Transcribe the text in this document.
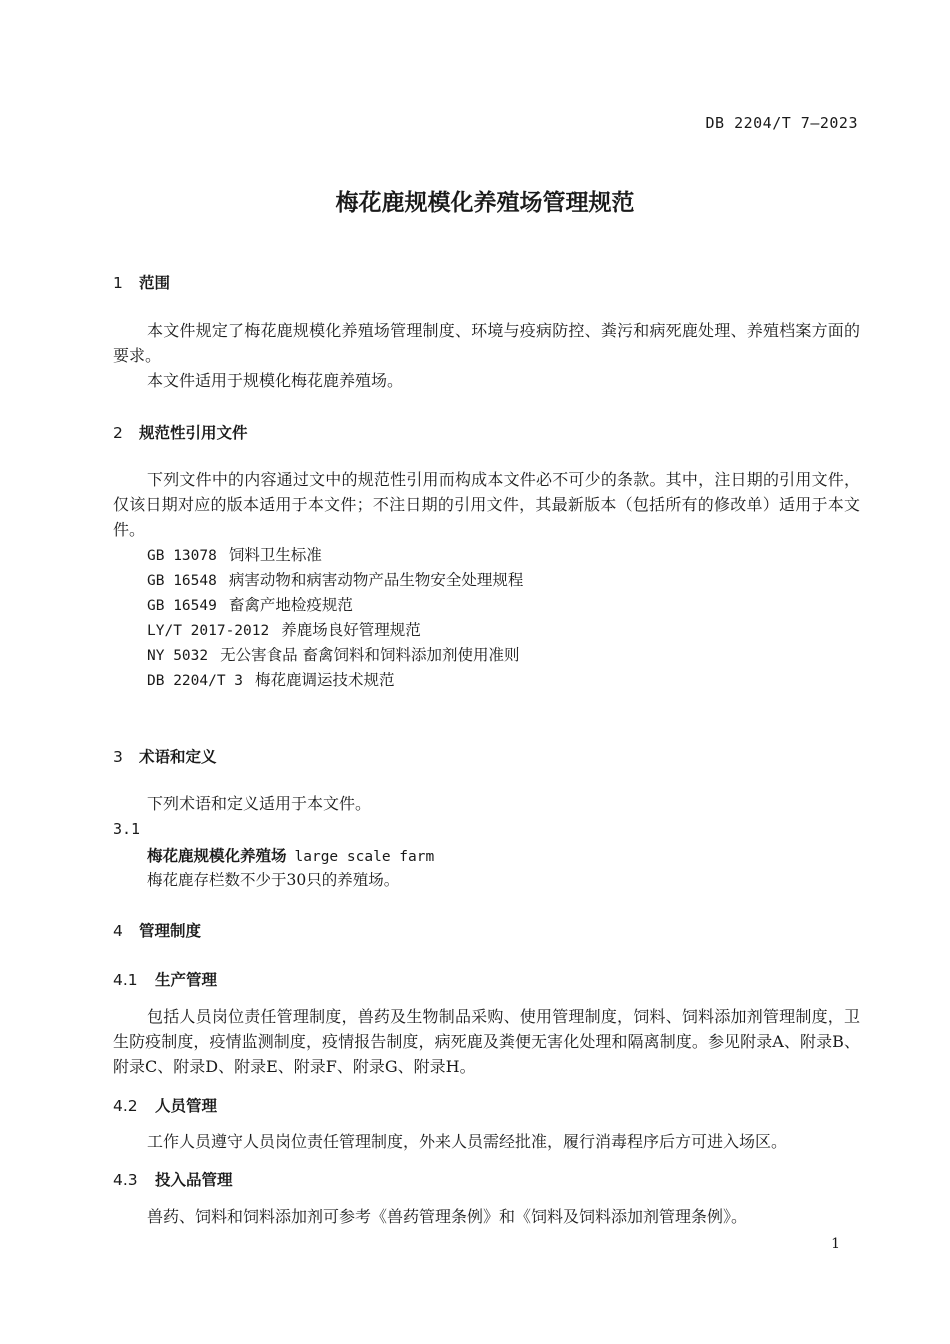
DB 2204/T 7—2023
梅花鹿规模化养殖场管理规范
1 范围
本文件规定了梅花鹿规模化养殖场管理制度、环境与疫病防控、粪污和病死鹿处理、养殖档案方面的要求。
本文件适用于规模化梅花鹿养殖场。
2 规范性引用文件
下列文件中的内容通过文中的规范性引用而构成本文件必不可少的条款。其中，注日期的引用文件，仅该日期对应的版本适用于本文件；不注日期的引用文件，其最新版本（包括所有的修改单）适用于本文件。
GB 13078 饲料卫生标准
GB 16548 病害动物和病害动物产品生物安全处理规程
GB 16549 畜禽产地检疫规范
LY/T 2017-2012 养鹿场良好管理规范
NY 5032 无公害食品 畜禽饲料和饲料添加剂使用准则
DB 2204/T 3 梅花鹿调运技术规范
3 术语和定义
下列术语和定义适用于本文件。
3.1
梅花鹿规模化养殖场 large scale farm
梅花鹿存栏数不少于30只的养殖场。
4 管理制度
4.1 生产管理
包括人员岗位责任管理制度，兽药及生物制品采购、使用管理制度，饲料、饲料添加剂管理制度，卫生防疫制度，疫情监测制度，疫情报告制度，病死鹿及粪便无害化处理和隔离制度。参见附录A、附录B、附录C、附录D、附录E、附录F、附录G、附录H。
4.2 人员管理
工作人员遵守人员岗位责任管理制度，外来人员需经批准，履行消毒程序后方可进入场区。
4.3 投入品管理
兽药、饲料和饲料添加剂可参考《兽药管理条例》和《饲料及饲料添加剂管理条例》。
1
